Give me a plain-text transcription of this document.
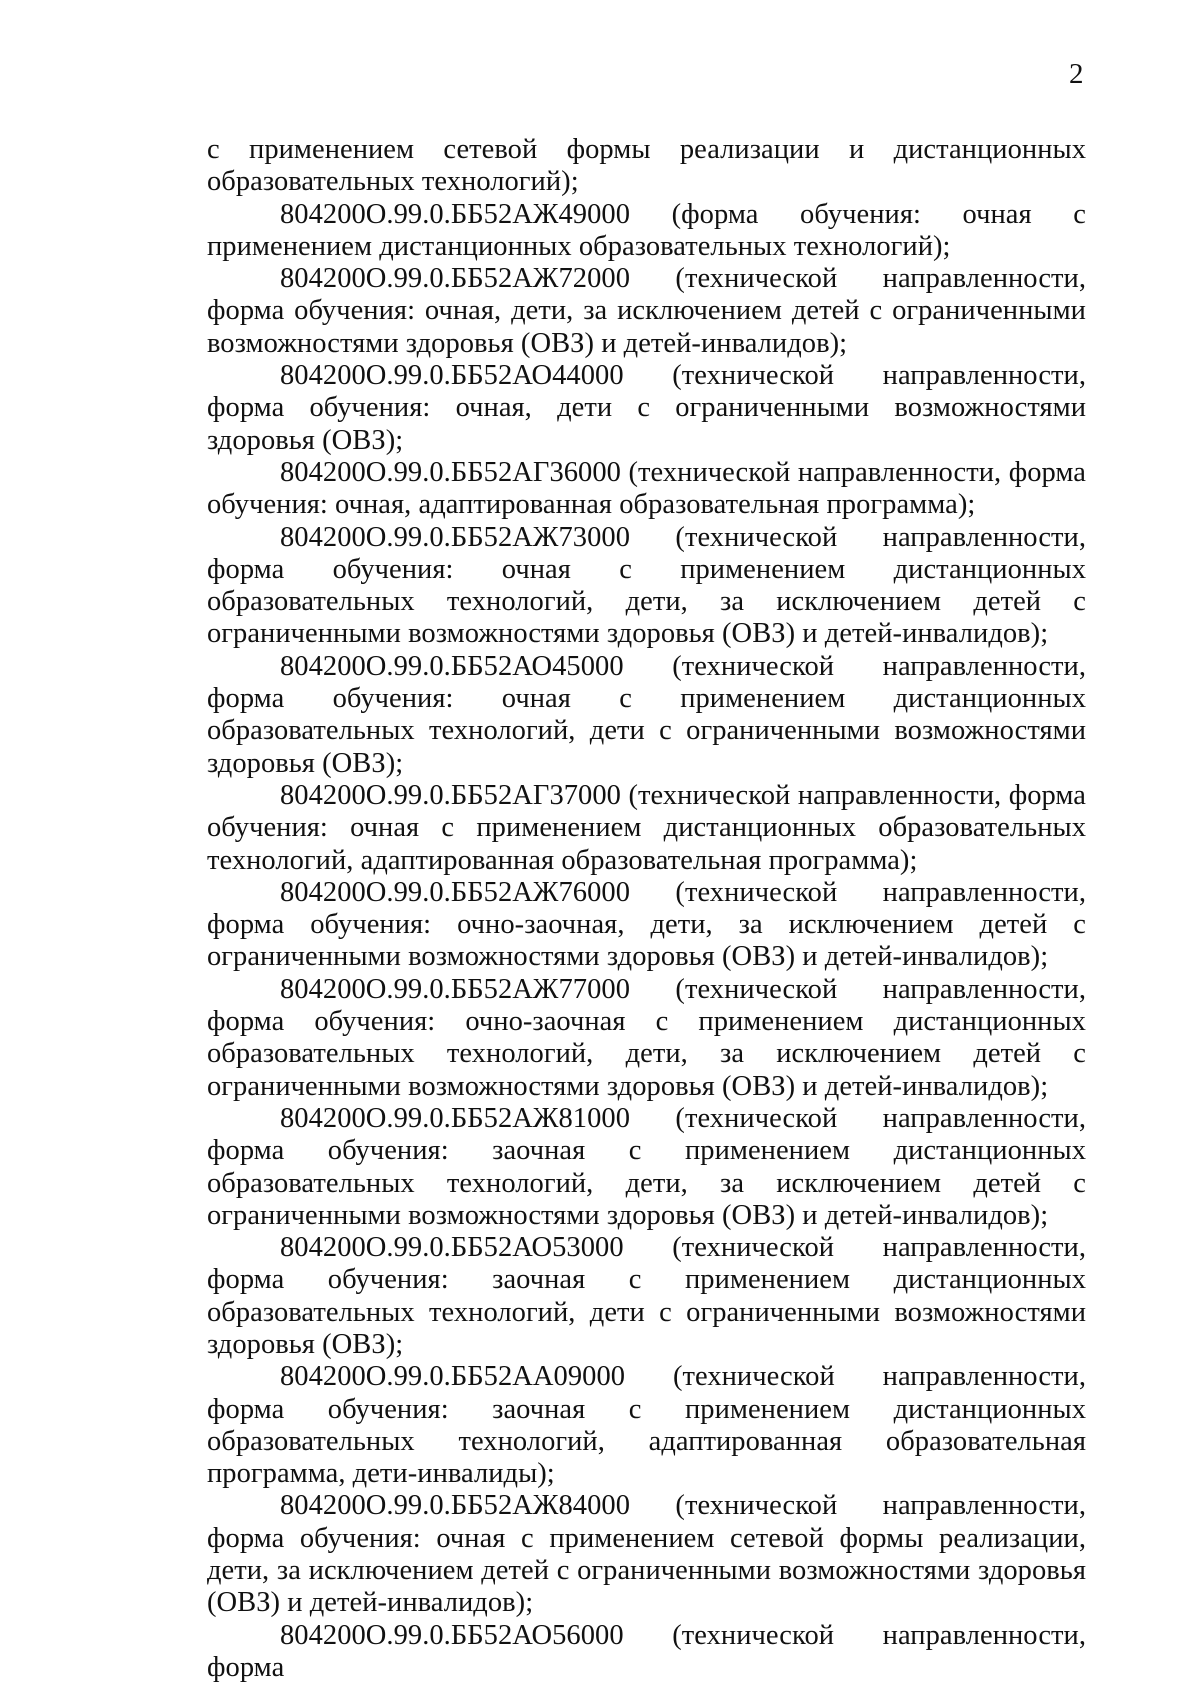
2

с применением сетевой формы реализации и дистанционных образовательных технологий);

804200О.99.0.ББ52АЖ49000 (форма обучения: очная с применением дистанционных образовательных технологий);

804200О.99.0.ББ52АЖ72000 (технической направленности, форма обучения: очная, дети, за исключением детей с ограниченными возможностями здоровья (ОВЗ) и детей-инвалидов);

804200О.99.0.ББ52АО44000 (технической направленности, форма обучения: очная, дети с ограниченными возможностями здоровья (ОВЗ);

804200О.99.0.ББ52АГ36000 (технической направленности, форма обучения: очная, адаптированная образовательная программа);

804200О.99.0.ББ52АЖ73000 (технической направленности, форма обучения: очная с применением дистанционных образовательных технологий, дети, за исключением детей с ограниченными возможностями здоровья (ОВЗ) и детей-инвалидов);

804200О.99.0.ББ52АО45000 (технической направленности, форма обучения: очная с применением дистанционных образовательных технологий, дети с ограниченными возможностями здоровья (ОВЗ);

804200О.99.0.ББ52АГ37000 (технической направленности, форма обучения: очная с применением дистанционных образовательных технологий, адаптированная образовательная программа);

804200О.99.0.ББ52АЖ76000 (технической направленности, форма обучения: очно-заочная, дети, за исключением детей с ограниченными возможностями здоровья (ОВЗ) и детей-инвалидов);

804200О.99.0.ББ52АЖ77000 (технической направленности, форма обучения: очно-заочная с применением дистанционных образовательных технологий, дети, за исключением детей с ограниченными возможностями здоровья (ОВЗ) и детей-инвалидов);

804200О.99.0.ББ52АЖ81000 (технической направленности, форма обучения: заочная с применением дистанционных образовательных технологий, дети, за исключением детей с ограниченными возможностями здоровья (ОВЗ) и детей-инвалидов);

804200О.99.0.ББ52АО53000 (технической направленности, форма обучения: заочная с применением дистанционных образовательных технологий, дети с ограниченными возможностями здоровья (ОВЗ);

804200О.99.0.ББ52АА09000 (технической направленности, форма обучения: заочная с применением дистанционных образовательных технологий, адаптированная образовательная программа, дети-инвалиды);

804200О.99.0.ББ52АЖ84000 (технической направленности, форма обучения: очная с применением сетевой формы реализации, дети, за исключением детей с ограниченными возможностями здоровья (ОВЗ) и детей-инвалидов);

804200О.99.0.ББ52АО56000 (технической направленности, форма
